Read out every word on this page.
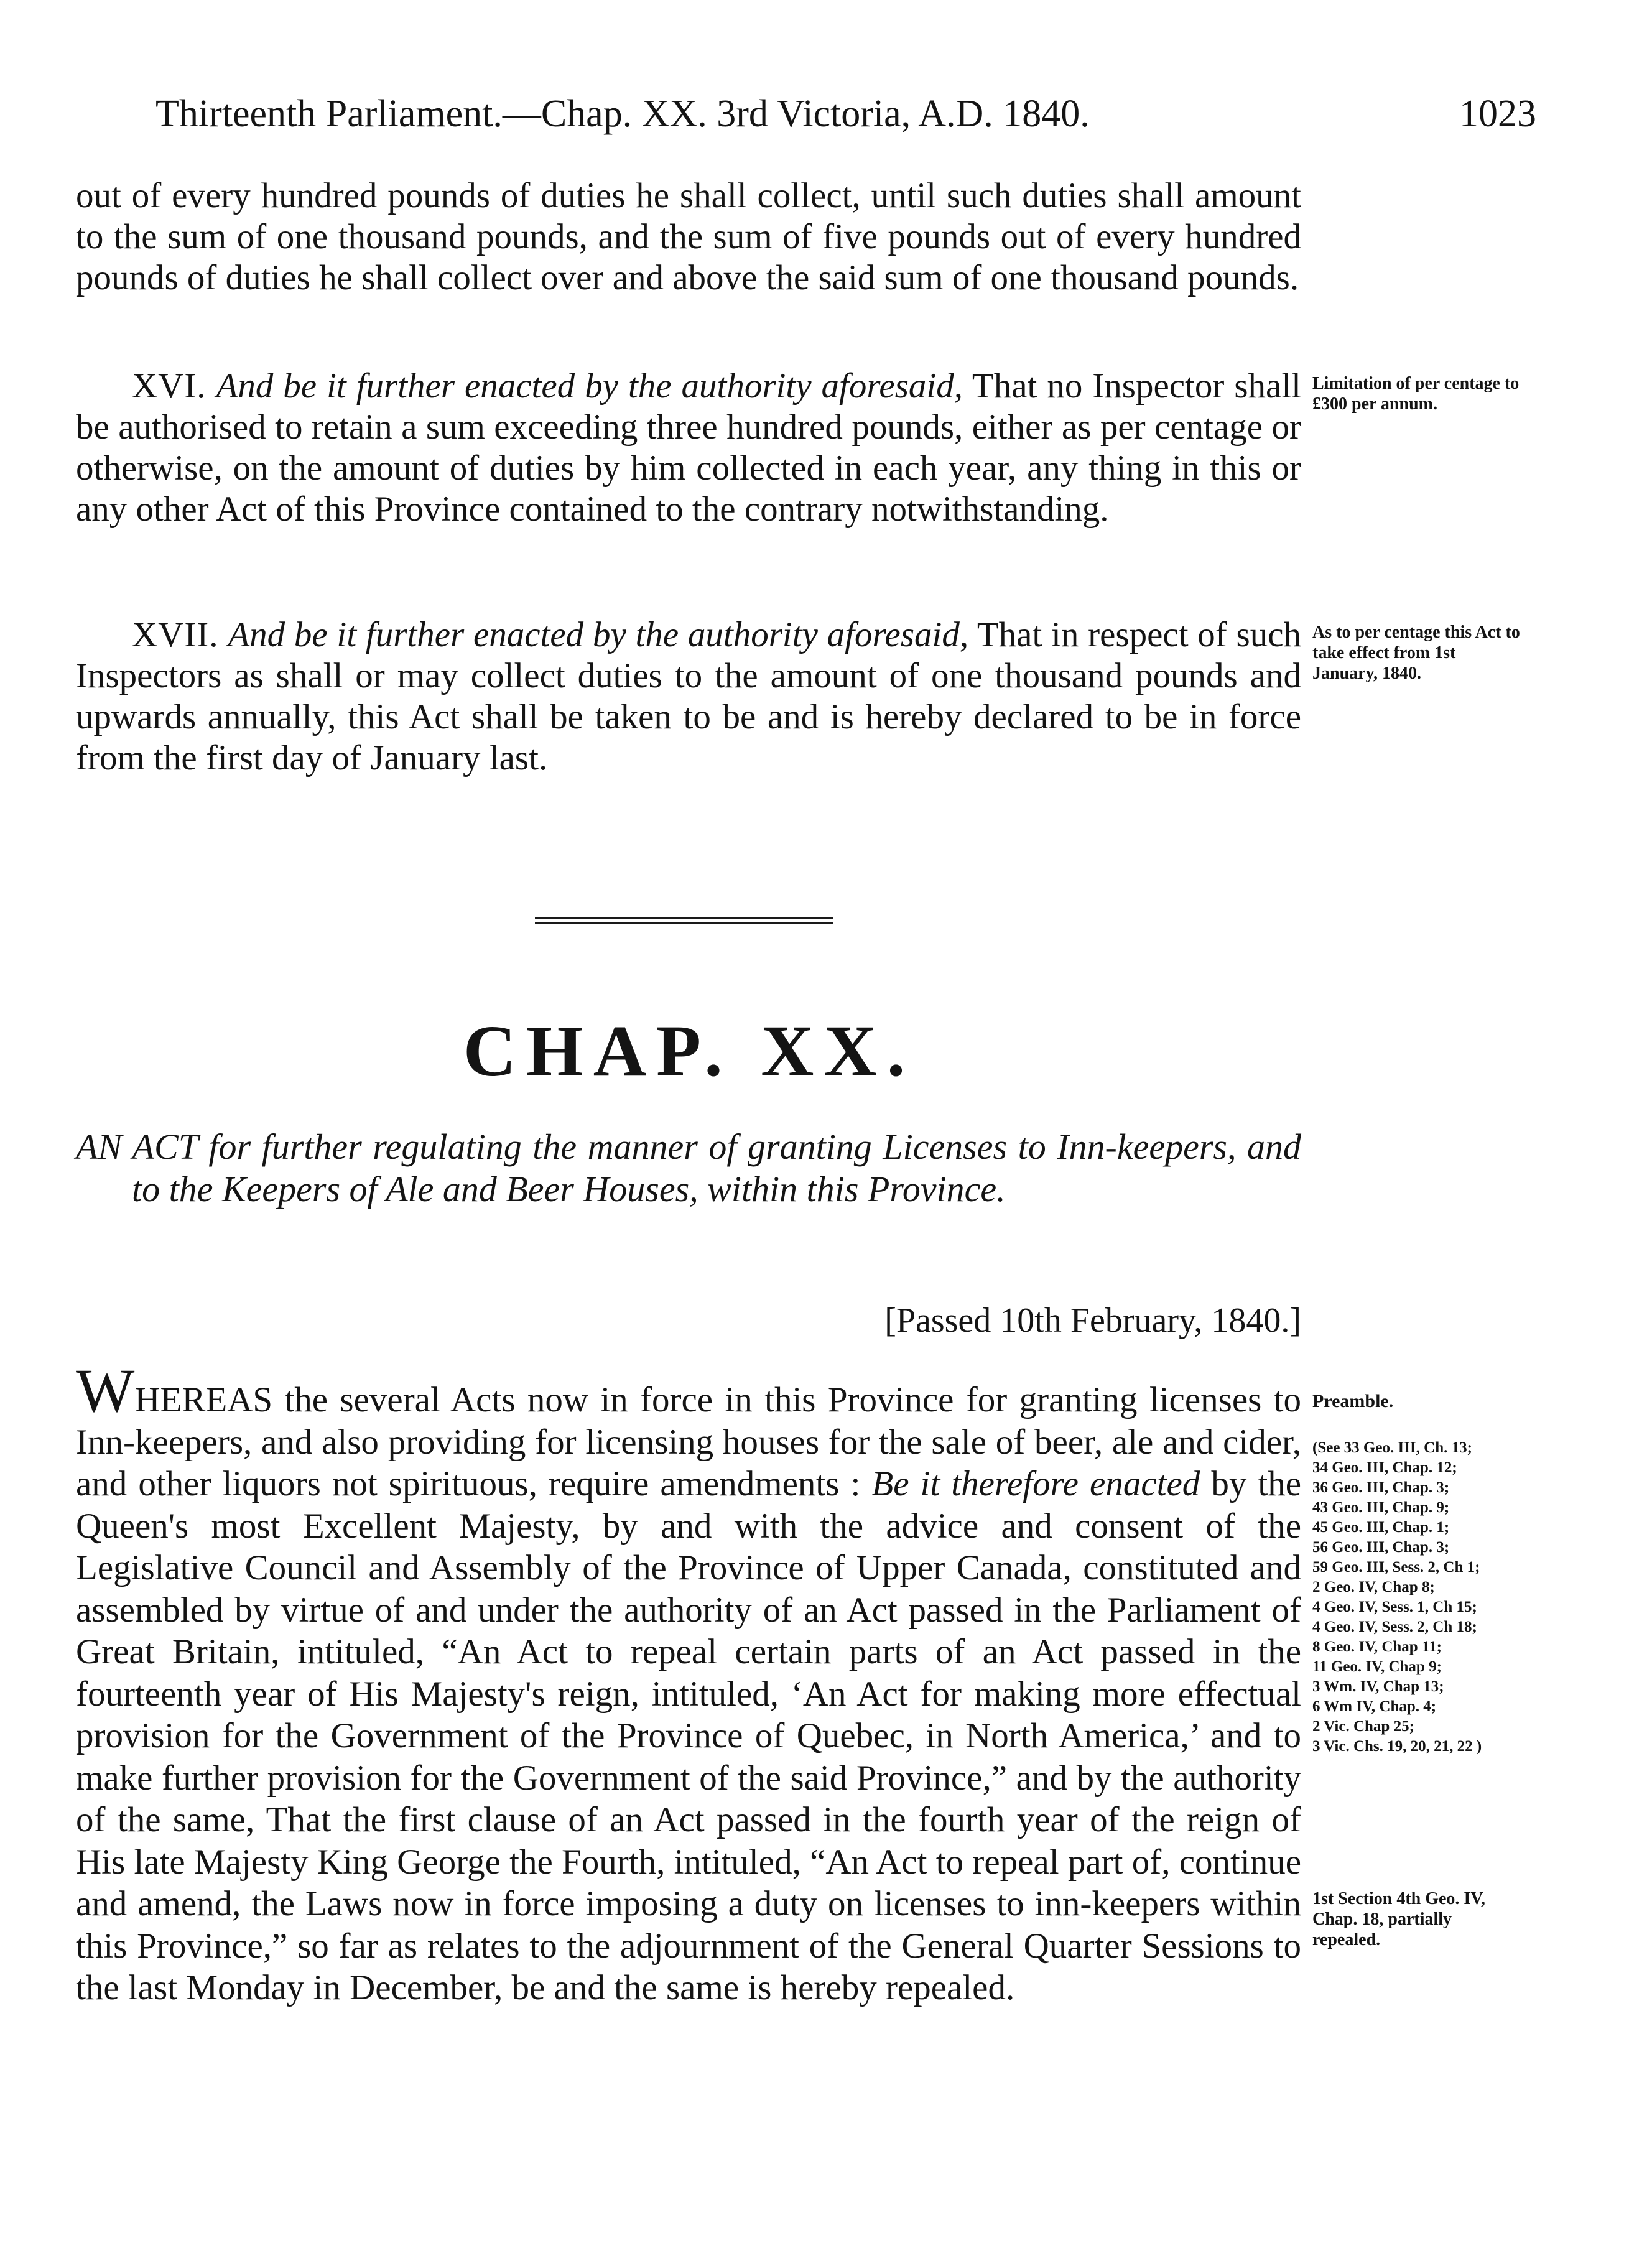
Thirteenth Parliament.—Chap. XX. 3rd Victoria, A.D. 1840.	1023

out of every hundred pounds of duties he shall collect, until such duties shall amount to the sum of one thousand pounds, and the sum of five pounds out of every hundred pounds of duties he shall collect over and above the said sum of one thousand pounds.

XVI. And be it further enacted by the authority aforesaid, That no Inspector shall be authorised to retain a sum exceeding three hundred pounds, either as per centage or otherwise, on the amount of duties by him collected in each year, any thing in this or any other Act of this Province contained to the contrary notwithstanding.

Limitation of per centage to £300 per annum.

XVII. And be it further enacted by the authority aforesaid, That in respect of such Inspectors as shall or may collect duties to the amount of one thousand pounds and upwards annually, this Act shall be taken to be and is hereby declared to be in force from the first day of January last.

As to per centage this Act to take effect from 1st January, 1840.
CHAP. XX.
AN ACT for further regulating the manner of granting Licenses to Inn-keepers, and to the Keepers of Ale and Beer Houses, within this Province.
[Passed 10th February, 1840.]
WHEREAS the several Acts now in force in this Province for granting licenses to Inn-keepers, and also providing for licensing houses for the sale of beer, ale and cider, and other liquors not spirituous, require amendments : Be it therefore enacted by the Queen's most Excellent Majesty, by and with the advice and consent of the Legislative Council and Assembly of the Province of Upper Canada, constituted and assembled by virtue of and under the authority of an Act passed in the Parliament of Great Britain, intituled, “An Act to repeal certain parts of an Act passed in the fourteenth year of His Majesty's reign, intituled, ‘An Act for making more effectual provision for the Government of the Province of Quebec, in North America,’ and to make further provision for the Government of the said Province,” and by the authority of the same, That the first clause of an Act passed in the fourth year of the reign of His late Majesty King George the Fourth, intituled, “An Act to repeal part of, continue and amend, the Laws now in force imposing a duty on licenses to inn-keepers within this Province,” so far as relates to the adjournment of the General Quarter Sessions to the last Monday in December, be and the same is hereby repealed.
Preamble.
(See 33 Geo. III, Ch. 13;
34 Geo. III, Chap. 12;
36 Geo. III, Chap. 3;
43 Geo. III, Chap. 9;
45 Geo. III, Chap. 1;
56 Geo. III, Chap. 3;
59 Geo. III, Sess. 2, Ch 1;
2 Geo. IV, Chap 8;
4 Geo. IV, Sess. 1, Ch 15;
4 Geo. IV, Sess. 2, Ch 18;
8 Geo. IV, Chap 11;
11 Geo. IV, Chap 9;
3 Wm. IV, Chap 13;
6 Wm IV, Chap. 4;
2 Vic. Chap 25;
3 Vic. Chs. 19, 20, 21, 22 )
1st Section 4th Geo. IV, Chap. 18, partially repealed.
